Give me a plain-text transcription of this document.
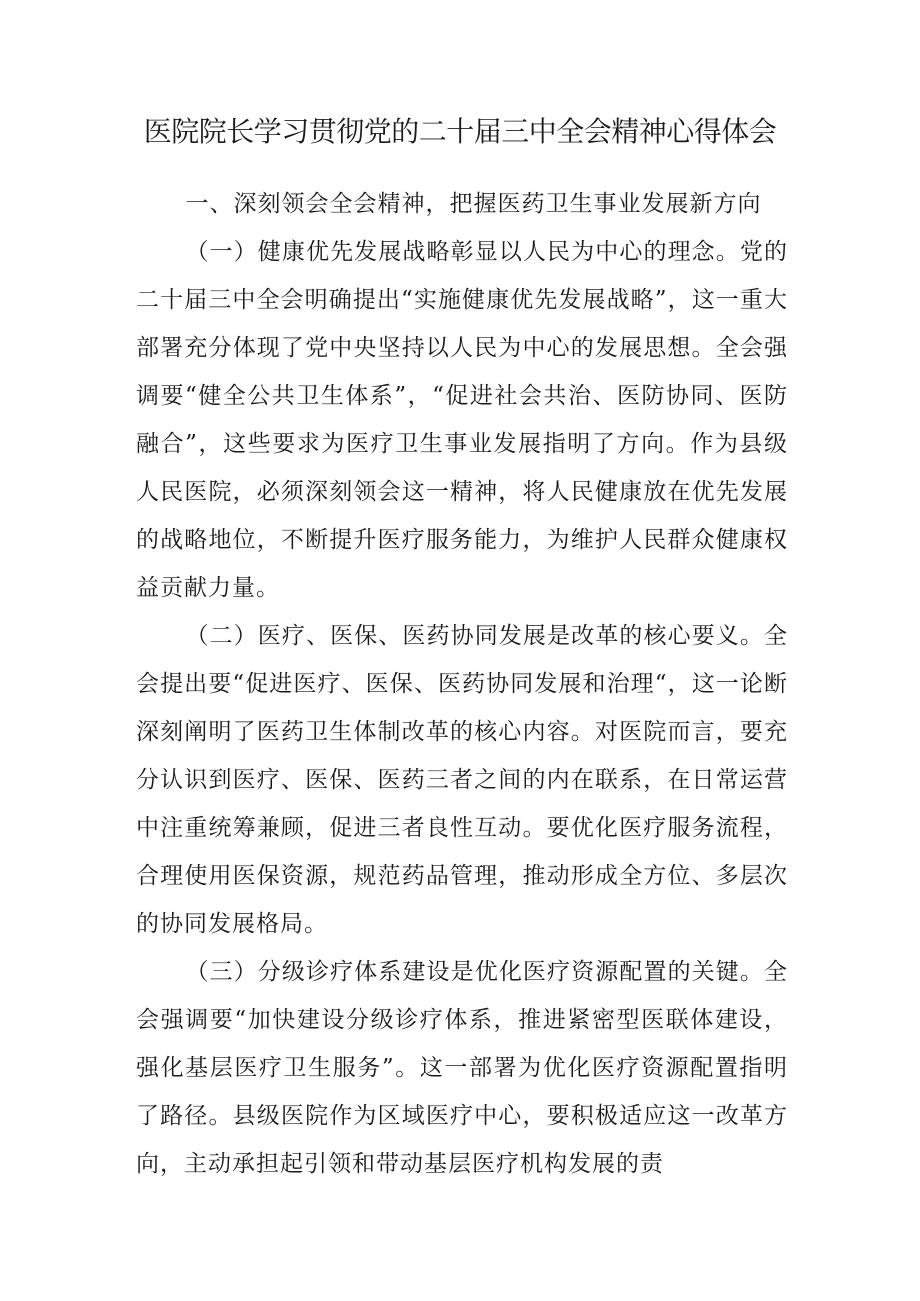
医院院长学习贯彻党的二十届三中全会精神心得体会

一、深刻领会全会精神，把握医药卫生事业发展新方向

（一）健康优先发展战略彰显以人民为中心的理念。党的二十届三中全会明确提出“实施健康优先发展战略”，这一重大部署充分体现了党中央坚持以人民为中心的发展思想。全会强调要“健全公共卫生体系”，“促进社会共治、医防协同、医防融合”，这些要求为医疗卫生事业发展指明了方向。作为县级人民医院，必须深刻领会这一精神，将人民健康放在优先发展的战略地位，不断提升医疗服务能力，为维护人民群众健康权益贡献力量。

（二）医疗、医保、医药协同发展是改革的核心要义。全会提出要“促进医疗、医保、医药协同发展和治理“，这一论断深刻阐明了医药卫生体制改革的核心内容。对医院而言，要充分认识到医疗、医保、医药三者之间的内在联系，在日常运营中注重统筹兼顾，促进三者良性互动。要优化医疗服务流程，合理使用医保资源，规范药品管理，推动形成全方位、多层次的协同发展格局。

（三）分级诊疗体系建设是优化医疗资源配置的关键。全会强调要“加快建设分级诊疗体系，推进紧密型医联体建设，强化基层医疗卫生服务”。这一部署为优化医疗资源配置指明了路径。县级医院作为区域医疗中心，要积极适应这一改革方向，主动承担起引领和带动基层医疗机构发展的责
